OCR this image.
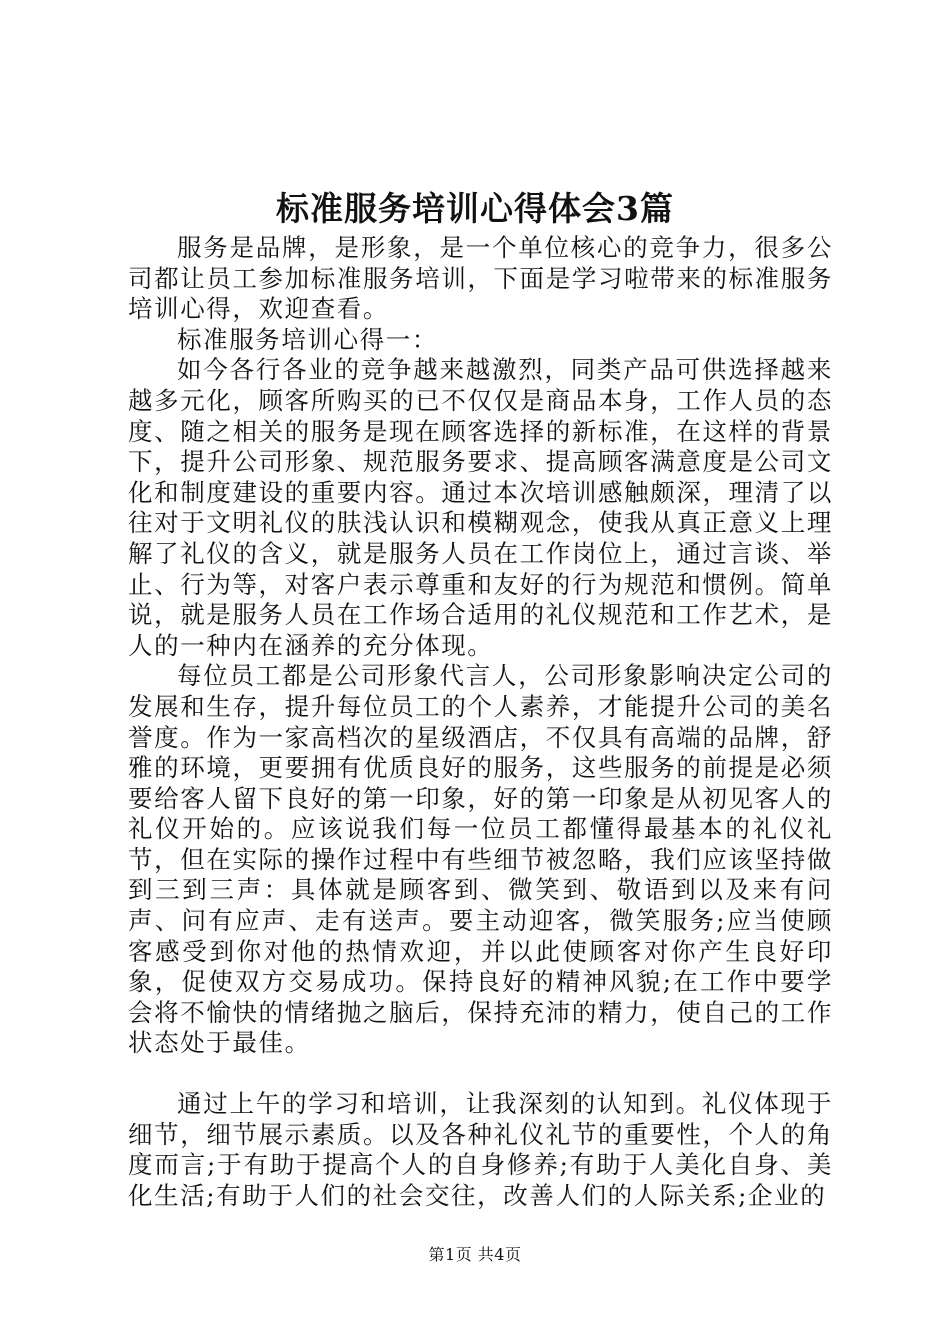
标准服务培训心得体会3篇

服务是品牌，是形象，是一个单位核心的竞争力，很多公司都让员工参加标准服务培训，下面是学习啦带来的标准服务培训心得，欢迎查看。

标准服务培训心得一：

如今各行各业的竞争越来越激烈，同类产品可供选择越来越多元化，顾客所购买的已不仅仅是商品本身，工作人员的态度、随之相关的服务是现在顾客选择的新标准，在这样的背景下，提升公司形象、规范服务要求、提高顾客满意度是公司文化和制度建设的重要内容。通过本次培训感触颇深，理清了以往对于文明礼仪的肤浅认识和模糊观念，使我从真正意义上理解了礼仪的含义，就是服务人员在工作岗位上，通过言谈、举止、行为等，对客户表示尊重和友好的行为规范和惯例。简单说，就是服务人员在工作场合适用的礼仪规范和工作艺术，是人的一种内在涵养的充分体现。

每位员工都是公司形象代言人，公司形象影响决定公司的发展和生存，提升每位员工的个人素养，才能提升公司的美名誉度。作为一家高档次的星级酒店，不仅具有高端的品牌，舒雅的环境，更要拥有优质良好的服务，这些服务的前提是必须要给客人留下良好的第一印象，好的第一印象是从初见客人的礼仪开始的。应该说我们每一位员工都懂得最基本的礼仪礼节，但在实际的操作过程中有些细节被忽略，我们应该坚持做到三到三声：具体就是顾客到、微笑到、敬语到以及来有问声、问有应声、走有送声。要主动迎客，微笑服务;应当使顾客感受到你对他的热情欢迎，并以此使顾客对你产生良好印象，促使双方交易成功。保持良好的精神风貌;在工作中要学会将不愉快的情绪抛之脑后，保持充沛的精力，使自己的工作状态处于最佳。

通过上午的学习和培训，让我深刻的认知到。礼仪体现于细节，细节展示素质。以及各种礼仪礼节的重要性，个人的角度而言;于有助于提高个人的自身修养;有助于人美化自身、美化生活;有助于人们的社会交往，改善人们的人际关系;企业的

第1页 共4页
